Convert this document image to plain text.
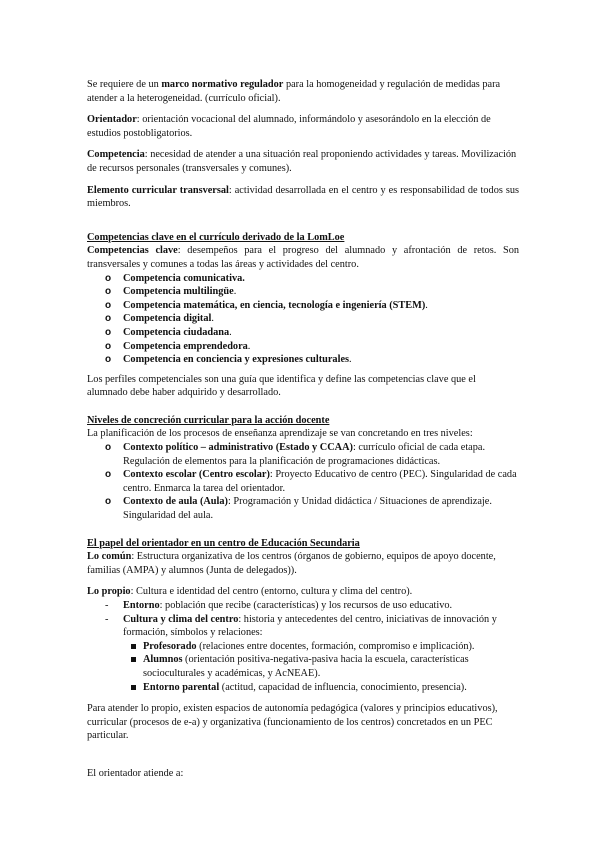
Se requiere de un marco normativo regulador para la homogeneidad y regulación de medidas para atender a la heterogeneidad. (currículo oficial).

Orientador: orientación vocacional del alumnado, informándolo y asesorándolo en la elección de estudios postobligatorios.

Competencia: necesidad de atender a una situación real proponiendo actividades y tareas. Movilización de recursos personales (transversales y comunes).

Elemento curricular transversal: actividad desarrollada en el centro y es responsabilidad de todos sus miembros.

Competencias clave en el currículo derivado de la LomLoe

Competencias clave: desempeños para el progreso del alumnado y afrontación de retos. Son transversales y comunes a todas las áreas y actividades del centro.

o Competencia comunicativa.
o Competencia multilingüe.
o Competencia matemática, en ciencia, tecnología e ingeniería (STEM).
o Competencia digital.
o Competencia ciudadana.
o Competencia emprendedora.
o Competencia en conciencia y expresiones culturales.

Los perfiles competenciales son una guía que identifica y define las competencias clave que el alumnado debe haber adquirido y desarrollado.

Niveles de concreción curricular para la acción docente

La planificación de los procesos de enseñanza aprendizaje se van concretando en tres niveles:

o Contexto político – administrativo (Estado y CCAA): currículo oficial de cada etapa. Regulación de elementos para la planificación de programaciones didácticas.
o Contexto escolar (Centro escolar): Proyecto Educativo de centro (PEC). Singularidad de cada centro. Enmarca la tarea del orientador.
o Contexto de aula (Aula): Programación y Unidad didáctica / Situaciones de aprendizaje. Singularidad del aula.

El papel del orientador en un centro de Educación Secundaria

Lo común: Estructura organizativa de los centros (órganos de gobierno, equipos de apoyo docente, familias (AMPA) y alumnos (Junta de delegados)).

Lo propio: Cultura e identidad del centro (entorno, cultura y clima del centro).

- Entorno: población que recibe (características) y los recursos de uso educativo.
- Cultura y clima del centro: historia y antecedentes del centro, iniciativas de innovación y formación, símbolos y relaciones:
Profesorado (relaciones entre docentes, formación, compromiso e implicación).
Alumnos (orientación positiva-negativa-pasiva hacia la escuela, características socioculturales y académicas, y AcNEAE).
Entorno parental (actitud, capacidad de influencia, conocimiento, presencia).

Para atender lo propio, existen espacios de autonomía pedagógica (valores y principios educativos), curricular (procesos de e-a) y organizativa (funcionamiento de los centros) concretados en un PEC particular.

El orientador atiende a:
